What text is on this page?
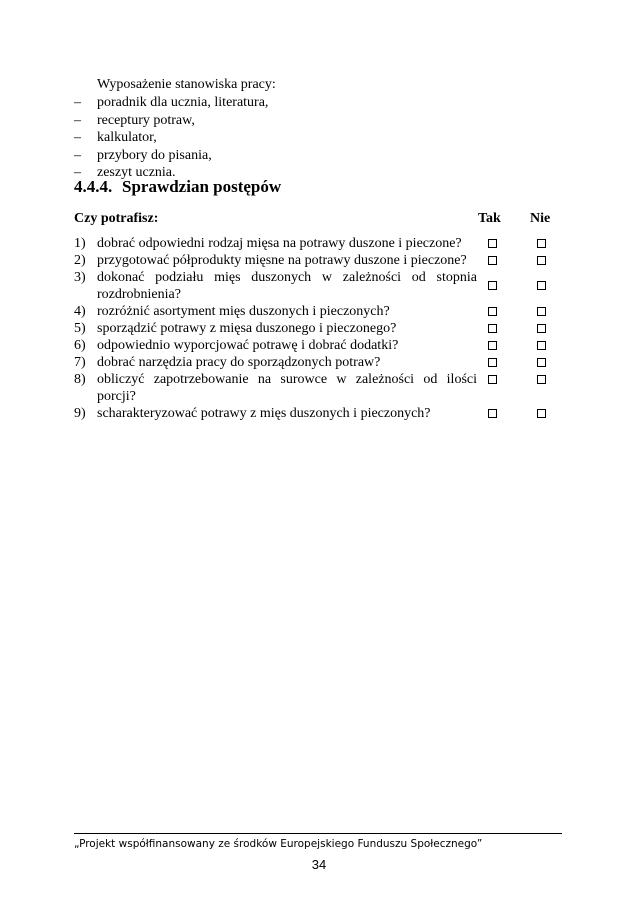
Wyposażenie stanowiska pracy:
– poradnik dla ucznia, literatura,
– receptury potraw,
– kalkulator,
– przybory do pisania,
– zeszyt ucznia.
4.4.4. Sprawdzian postępów
Czy potrafisz:	Tak Nie
1) dobrać odpowiedni rodzaj mięsa na potrawy duszone i pieczone?
2) przygotować półprodukty mięsne na potrawy duszone i pieczone?
3) dokonać podziału mięs duszonych w zależności od stopnia rozdrobnienia?
4) rozróżnić asortyment mięs duszonych i pieczonych?
5) sporządzić potrawy z mięsa duszonego i pieczonego?
6) odpowiednio wyporcjować potrawę i dobrać dodatki?
7) dobrać narzędzia pracy do sporządzonych potraw?
8) obliczyć zapotrzebowanie na surowce w zależności od ilości porcji?
9) scharakteryzować potrawy z mięs duszonych i pieczonych?
„Projekt współfinansowany ze środków Europejskiego Funduszu Społecznego”
34
